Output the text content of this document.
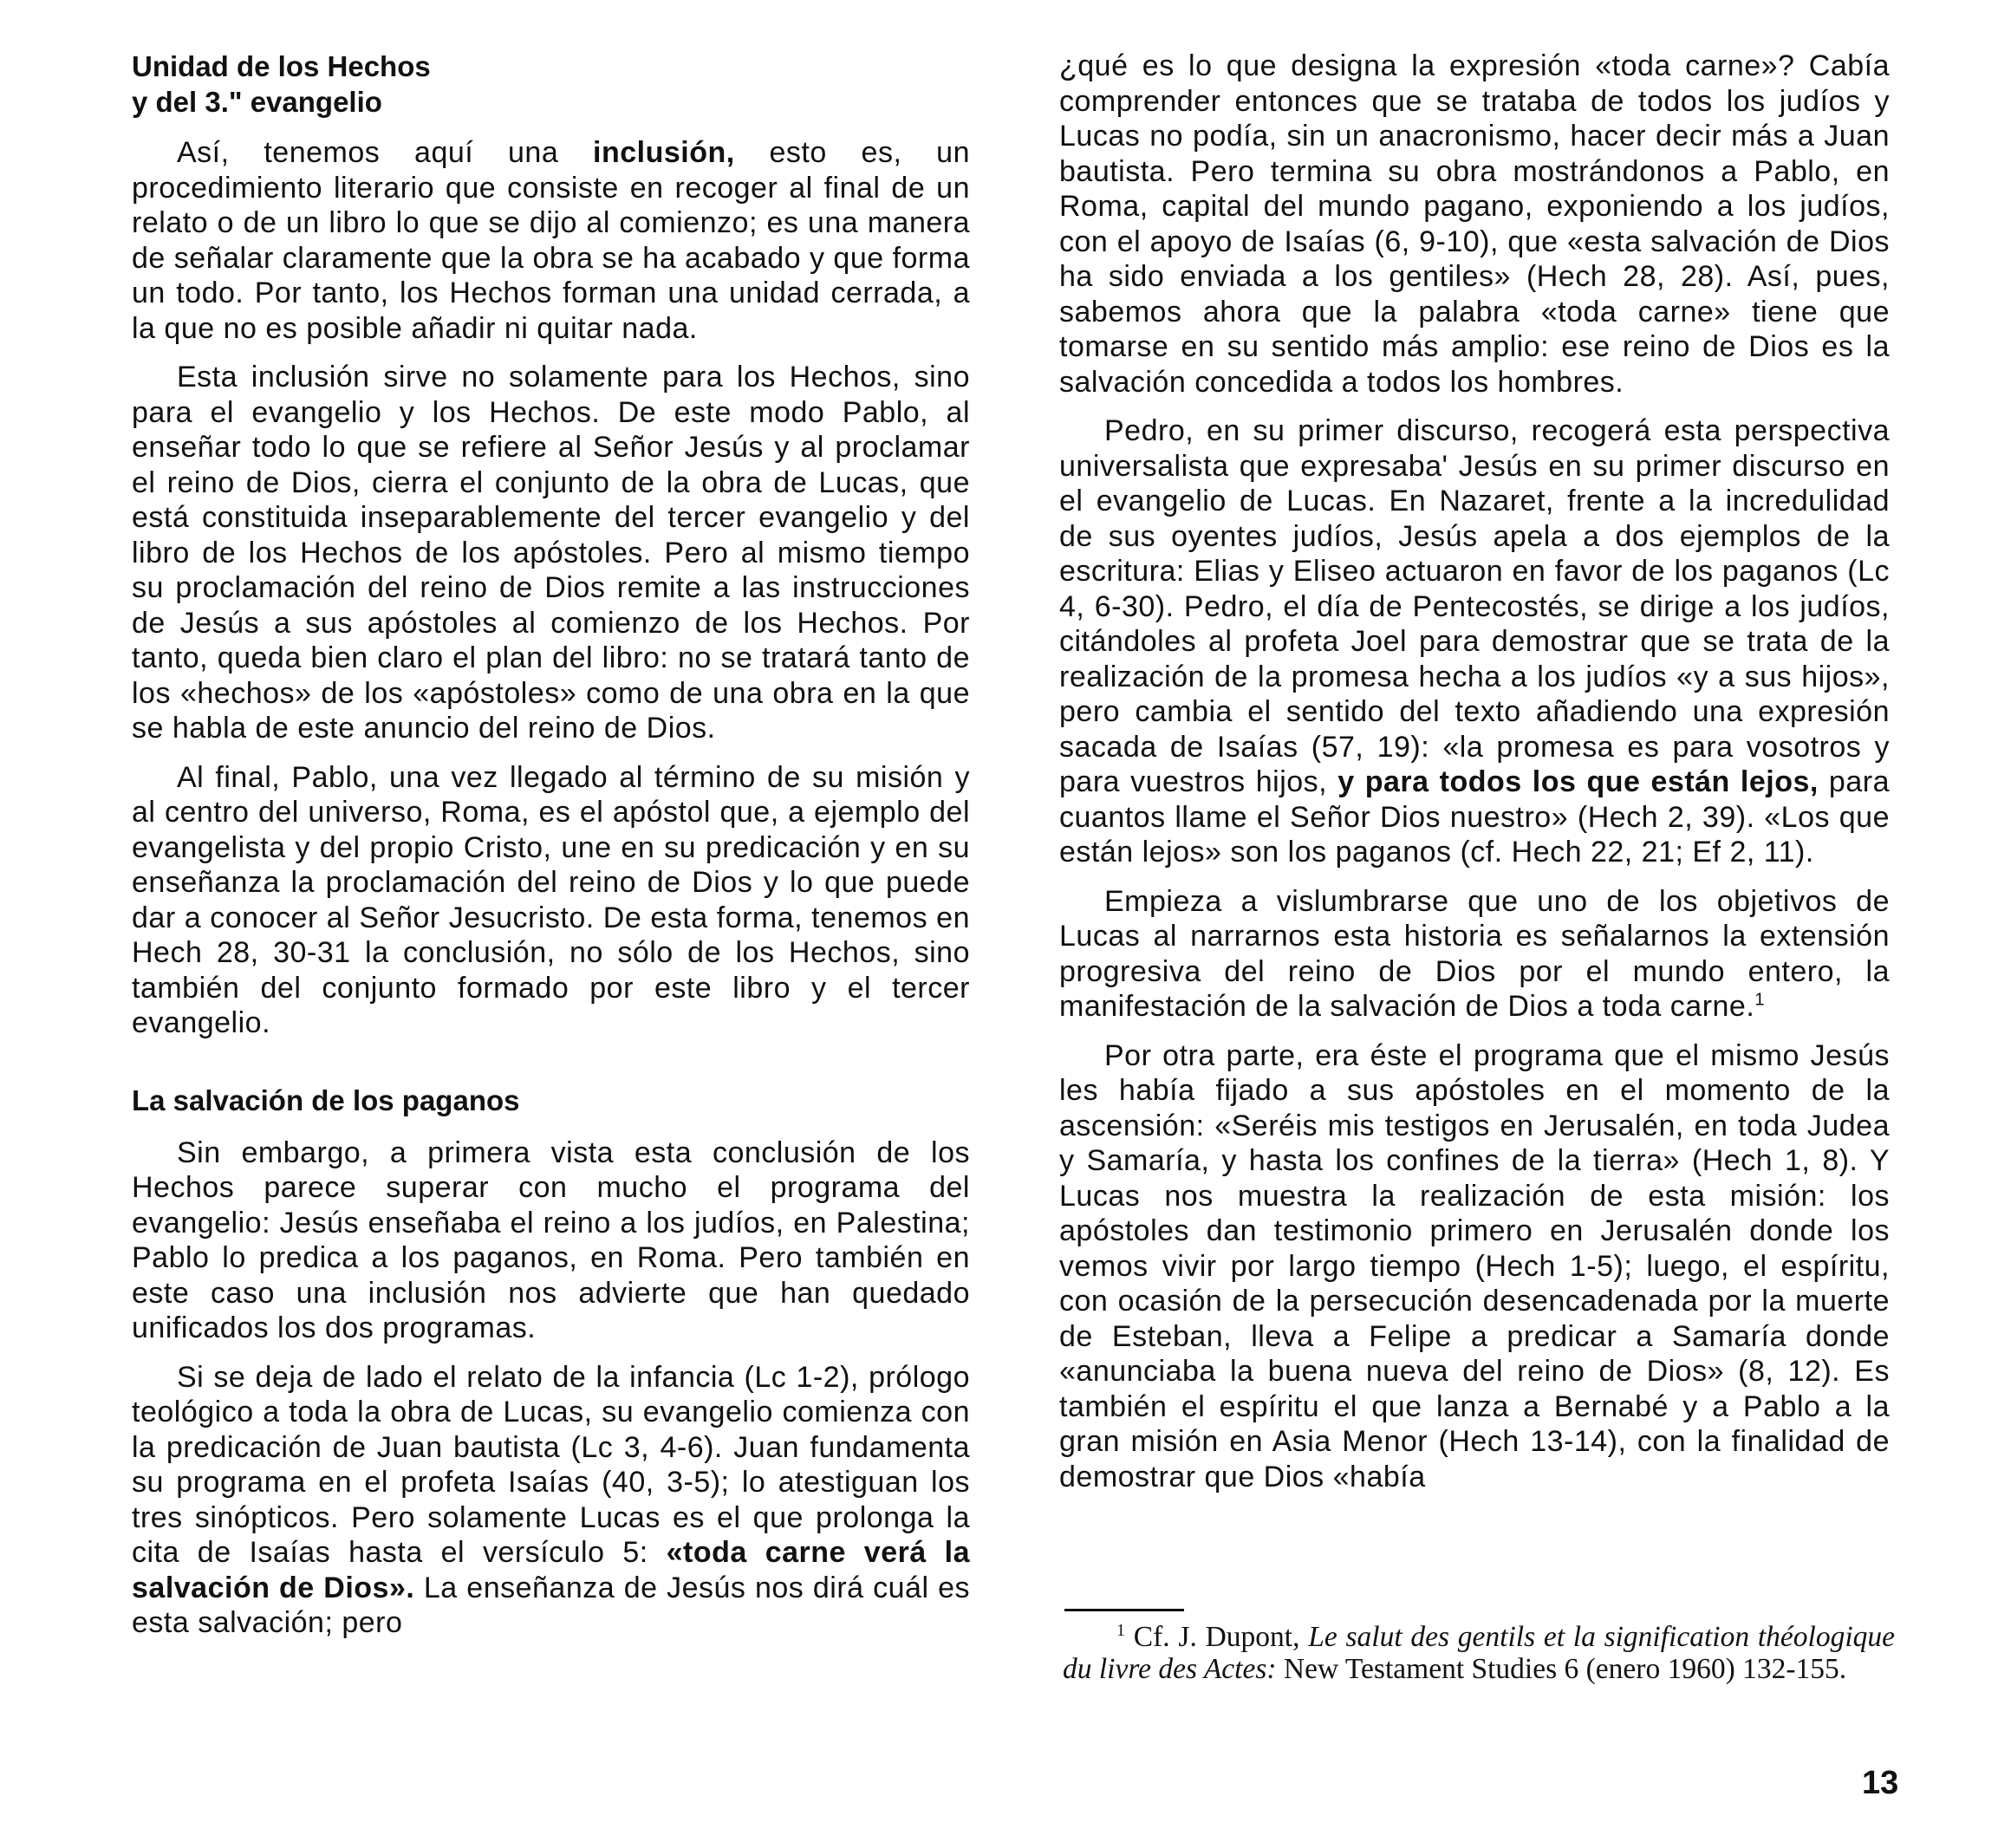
Unidad de los Hechos
y del 3." evangelio

Así, tenemos aquí una inclusión, esto es, un procedimiento literario que consiste en recoger al final de un relato o de un libro lo que se dijo al comienzo; es una manera de señalar claramente que la obra se ha acabado y que forma un todo. Por tanto, los Hechos forman una unidad cerrada, a la que no es posible añadir ni quitar nada.

Esta inclusión sirve no solamente para los Hechos, sino para el evangelio y los Hechos. De este modo Pablo, al enseñar todo lo que se refiere al Señor Jesús y al proclamar el reino de Dios, cierra el conjunto de la obra de Lucas, que está constituida inseparablemente del tercer evangelio y del libro de los Hechos de los apóstoles. Pero al mismo tiempo su proclamación del reino de Dios remite a las instrucciones de Jesús a sus apóstoles al comienzo de los Hechos. Por tanto, queda bien claro el plan del libro: no se tratará tanto de los «hechos» de los «apóstoles» como de una obra en la que se habla de este anuncio del reino de Dios.

Al final, Pablo, una vez llegado al término de su misión y al centro del universo, Roma, es el apóstol que, a ejemplo del evangelista y del propio Cristo, une en su predicación y en su enseñanza la proclamación del reino de Dios y lo que puede dar a conocer al Señor Jesucristo. De esta forma, tenemos en Hech 28, 30-31 la conclusión, no sólo de los Hechos, sino también del conjunto formado por este libro y el tercer evangelio.

La salvación de los paganos

Sin embargo, a primera vista esta conclusión de los Hechos parece superar con mucho el programa del evangelio: Jesús enseñaba el reino a los judíos, en Palestina; Pablo lo predica a los paganos, en Roma. Pero también en este caso una inclusión nos advierte que han quedado unificados los dos programas.

Si se deja de lado el relato de la infancia (Lc 1-2), prólogo teológico a toda la obra de Lucas, su evangelio comienza con la predicación de Juan bautista (Lc 3, 4-6). Juan fundamenta su programa en el profeta Isaías (40, 3-5); lo atestiguan los tres sinópticos. Pero solamente Lucas es el que prolonga la cita de Isaías hasta el versículo 5: «toda carne verá la salvación de Dios». La enseñanza de Jesús nos dirá cuál es esta salvación; pero

¿qué es lo que designa la expresión «toda carne»? Cabía comprender entonces que se trataba de todos los judíos y Lucas no podía, sin un anacronismo, hacer decir más a Juan bautista. Pero termina su obra mostrándonos a Pablo, en Roma, capital del mundo pagano, exponiendo a los judíos, con el apoyo de Isaías (6, 9-10), que «esta salvación de Dios ha sido enviada a los gentiles» (Hech 28, 28). Así, pues, sabemos ahora que la palabra «toda carne» tiene que tomarse en su sentido más amplio: ese reino de Dios es la salvación concedida a todos los hombres.

Pedro, en su primer discurso, recogerá esta perspectiva universalista que expresaba' Jesús en su primer discurso en el evangelio de Lucas. En Nazaret, frente a la incredulidad de sus oyentes judíos, Jesús apela a dos ejemplos de la escritura: Elias y Eliseo actuaron en favor de los paganos (Lc 4, 6-30). Pedro, el día de Pentecostés, se dirige a los judíos, citándoles al profeta Joel para demostrar que se trata de la realización de la promesa hecha a los judíos «y a sus hijos», pero cambia el sentido del texto añadiendo una expresión sacada de Isaías (57, 19): «la promesa es para vosotros y para vuestros hijos, y para todos los que están lejos, para cuantos llame el Señor Dios nuestro» (Hech 2, 39). «Los que están lejos» son los paganos (cf. Hech 22, 21; Ef 2, 11).

Empieza a vislumbrarse que uno de los objetivos de Lucas al narrarnos esta historia es señalarnos la extensión progresiva del reino de Dios por el mundo entero, la manifestación de la salvación de Dios a toda carne.$^1$

Por otra parte, era éste el programa que el mismo Jesús les había fijado a sus apóstoles en el momento de la ascensión: «Seréis mis testigos en Jerusalén, en toda Judea y Samaría, y hasta los confines de la tierra» (Hech 1, 8). Y Lucas nos muestra la realización de esta misión: los apóstoles dan testimonio primero en Jerusalén donde los vemos vivir por largo tiempo (Hech 1-5); luego, el espíritu, con ocasión de la persecución desencadenada por la muerte de Esteban, lleva a Felipe a predicar a Samaría donde «anunciaba la buena nueva del reino de Dios» (8, 12). Es también el espíritu el que lanza a Bernabé y a Pablo a la gran misión en Asia Menor (Hech 13-14), con la finalidad de demostrar que Dios «había

$^1$ Cf. J. Dupont, Le salut des gentils et la signification théologique du livre des Actes: New Testament Studies 6 (enero 1960) 132-155.
13
